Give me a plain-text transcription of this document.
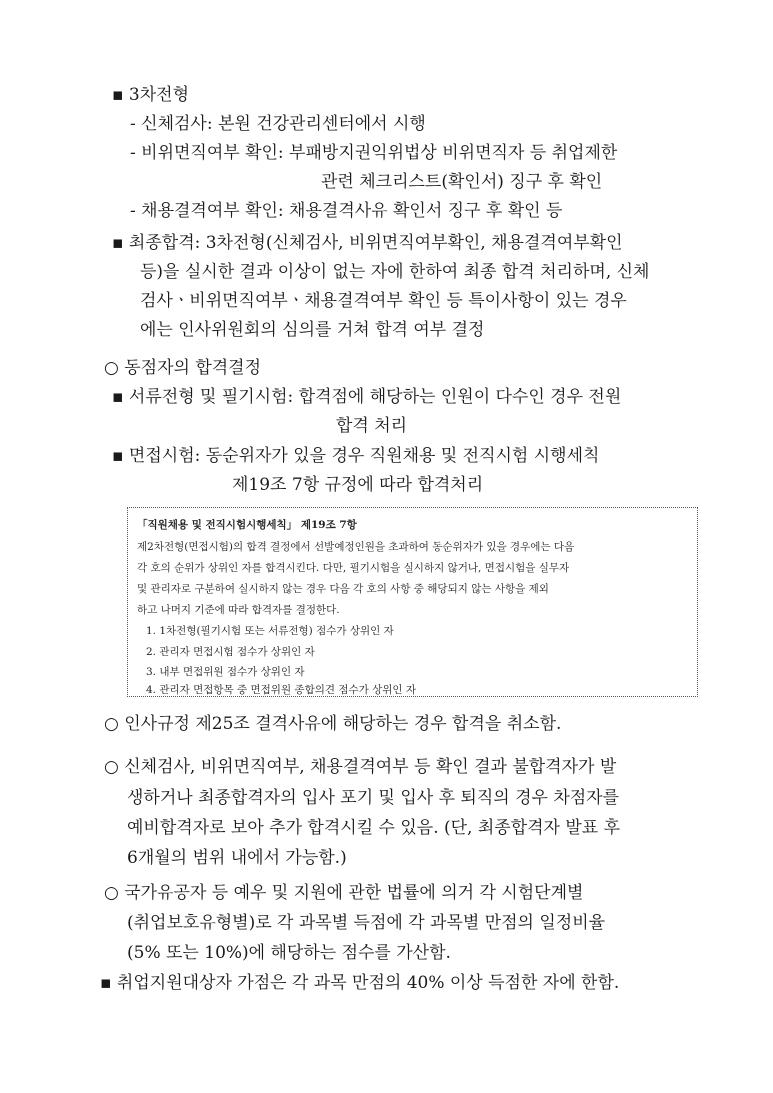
▪ 3차전형
- 신체검사: 본원 건강관리센터에서 시행
- 비위면직여부 확인: 부패방지권익위법상 비위면직자 등 취업제한
관련 체크리스트(확인서) 징구 후 확인
- 채용결격여부 확인: 채용결격사유 확인서 징구 후 확인 등
▪ 최종합격: 3차전형(신체검사, 비위면직여부확인, 채용결격여부확인
등)을 실시한 결과 이상이 없는 자에 한하여 최종 합격 처리하며, 신체
검사ㆍ비위면직여부ㆍ채용결격여부 확인 등 특이사항이 있는 경우
에는 인사위원회의 심의를 거쳐 합격 여부 결정
○ 동점자의 합격결정
▪ 서류전형 및 필기시험: 합격점에 해당하는 인원이 다수인 경우 전원
합격 처리
▪ 면접시험: 동순위자가 있을 경우 직원채용 및 전직시험 시행세칙
제19조 7항 규정에 따라 합격처리
「직원채용 및 전직시험시행세칙」 제19조 7항
제2차전형(면접시험)의 합격 결정에서 선발예정인원을 초과하여 동순위자가 있을 경우에는 다음
각 호의 순위가 상위인 자를 합격시킨다. 다만, 필기시험을 실시하지 않거나, 면접시험을 실무자
및 관리자로 구분하여 실시하지 않는 경우 다음 각 호의 사항 중 해당되지 않는 사항을 제외
하고 나머지 기준에 따라 합격자를 결정한다.
1. 1차전형(필기시험 또는 서류전형) 점수가 상위인 자
2. 관리자 면접시험 점수가 상위인 자
3. 내부 면접위원 점수가 상위인 자
4. 관리자 면접항목 중 면접위원 종합의견 점수가 상위인 자
○ 인사규정 제25조 결격사유에 해당하는 경우 합격을 취소함.
○ 신체검사, 비위면직여부, 채용결격여부 등 확인 결과 불합격자가 발
생하거나 최종합격자의 입사 포기 및 입사 후 퇴직의 경우 차점자를
예비합격자로 보아 추가 합격시킬 수 있음. (단, 최종합격자 발표 후
6개월의 범위 내에서 가능함.)
○ 국가유공자 등 예우 및 지원에 관한 법률에 의거 각 시험단계별
(취업보호유형별)로 각 과목별 득점에 각 과목별 만점의 일정비율
(5% 또는 10%)에 해당하는 점수를 가산함.
▪ 취업지원대상자 가점은 각 과목 만점의 40% 이상 득점한 자에 한함.
